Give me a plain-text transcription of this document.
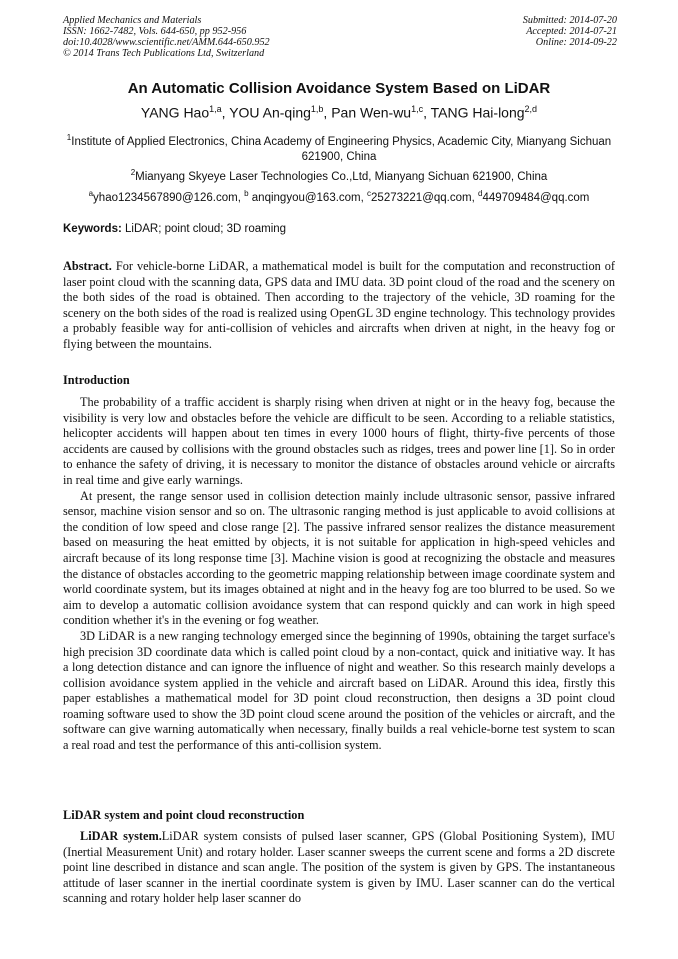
Applied Mechanics and Materials
ISSN: 1662-7482, Vols. 644-650, pp 952-956
doi:10.4028/www.scientific.net/AMM.644-650.952
© 2014 Trans Tech Publications Ltd, Switzerland
Submitted: 2014-07-20
Accepted: 2014-07-21
Online: 2014-09-22
An Automatic Collision Avoidance System Based on LiDAR
YANG Hao$^{1,a}$, YOU An-qing$^{1,b}$, Pan Wen-wu$^{1,c}$, TANG Hai-long$^{2,d}$
$^1$Institute of Applied Electronics, China Academy of Engineering Physics, Academic City, Mianyang Sichuan 621900, China
$^2$Mianyang Skyeye Laser Technologies Co.,Ltd, Mianyang Sichuan 621900, China
$^a$yhao1234567890@126.com, $^b$ anqingyou@163.com, $^c$25273221@qq.com, $^d$449709484@qq.com
Keywords: LiDAR; point cloud; 3D roaming

Abstract. For vehicle-borne LiDAR, a mathematical model is built for the computation and reconstruction of laser point cloud with the scanning data, GPS data and IMU data. 3D point cloud of the road and the scenery on the both sides of the road is obtained. Then according to the trajectory of the vehicle, 3D roaming for the scenery on the both sides of the road is realized using OpenGL 3D engine technology. This technology provides a probably feasible way for anti-collision of vehicles and aircrafts when driven at night, in the heavy fog or flying between the mountains.

Introduction

The probability of a traffic accident is sharply rising when driven at night or in the heavy fog, because the visibility is very low and obstacles before the vehicle are difficult to be seen. According to a reliable statistics, helicopter accidents will happen about ten times in every 1000 hours of flight, thirty-five percents of those accidents are caused by collisions with the ground obstacles such as ridges, trees and power line [1]. So in order to enhance the safety of driving, it is necessary to monitor the distance of obstacles around vehicle or aircrafts in real time and give early warnings.

At present, the range sensor used in collision detection mainly include ultrasonic sensor, passive infrared sensor, machine vision sensor and so on. The ultrasonic ranging method is just applicable to avoid collisions at the condition of low speed and close range [2]. The passive infrared sensor realizes the distance measurement based on measuring the heat emitted by objects, it is not suitable for application in high-speed vehicles and aircraft because of its long response time [3]. Machine vision is good at recognizing the obstacle and measures the distance of obstacles according to the geometric mapping relationship between image coordinate system and world coordinate system, but its images obtained at night and in the heavy fog are too blurred to be used. So we aim to develop a automatic collision avoidance system that can respond quickly and can work in high speed condition whether it's in the evening or fog weather.

3D LiDAR is a new ranging technology emerged since the beginning of 1990s, obtaining the target surface's high precision 3D coordinate data which is called point cloud by a non-contact, quick and initiative way. It has a long detection distance and can ignore the influence of night and weather. So this research mainly develops a collision avoidance system applied in the vehicle and aircraft based on LiDAR. Around this idea, firstly this paper establishes a mathematical model for 3D point cloud reconstruction, then designs a 3D point cloud roaming software used to show the 3D point cloud scene around the position of the vehicles or aircraft, and the software can give warning automatically when necessary, finally builds a real vehicle-borne test system to scan a real road and test the performance of this anti-collision system.

LiDAR system and point cloud reconstruction

LiDAR system.LiDAR system consists of pulsed laser scanner, GPS (Global Positioning System), IMU (Inertial Measurement Unit) and rotary holder. Laser scanner sweeps the current scene and forms a 2D discrete point line described in distance and scan angle. The position of the system is given by GPS. The instantaneous attitude of laser scanner in the inertial coordinate system is given by IMU. Laser scanner can do the vertical scanning and rotary holder help laser scanner do
